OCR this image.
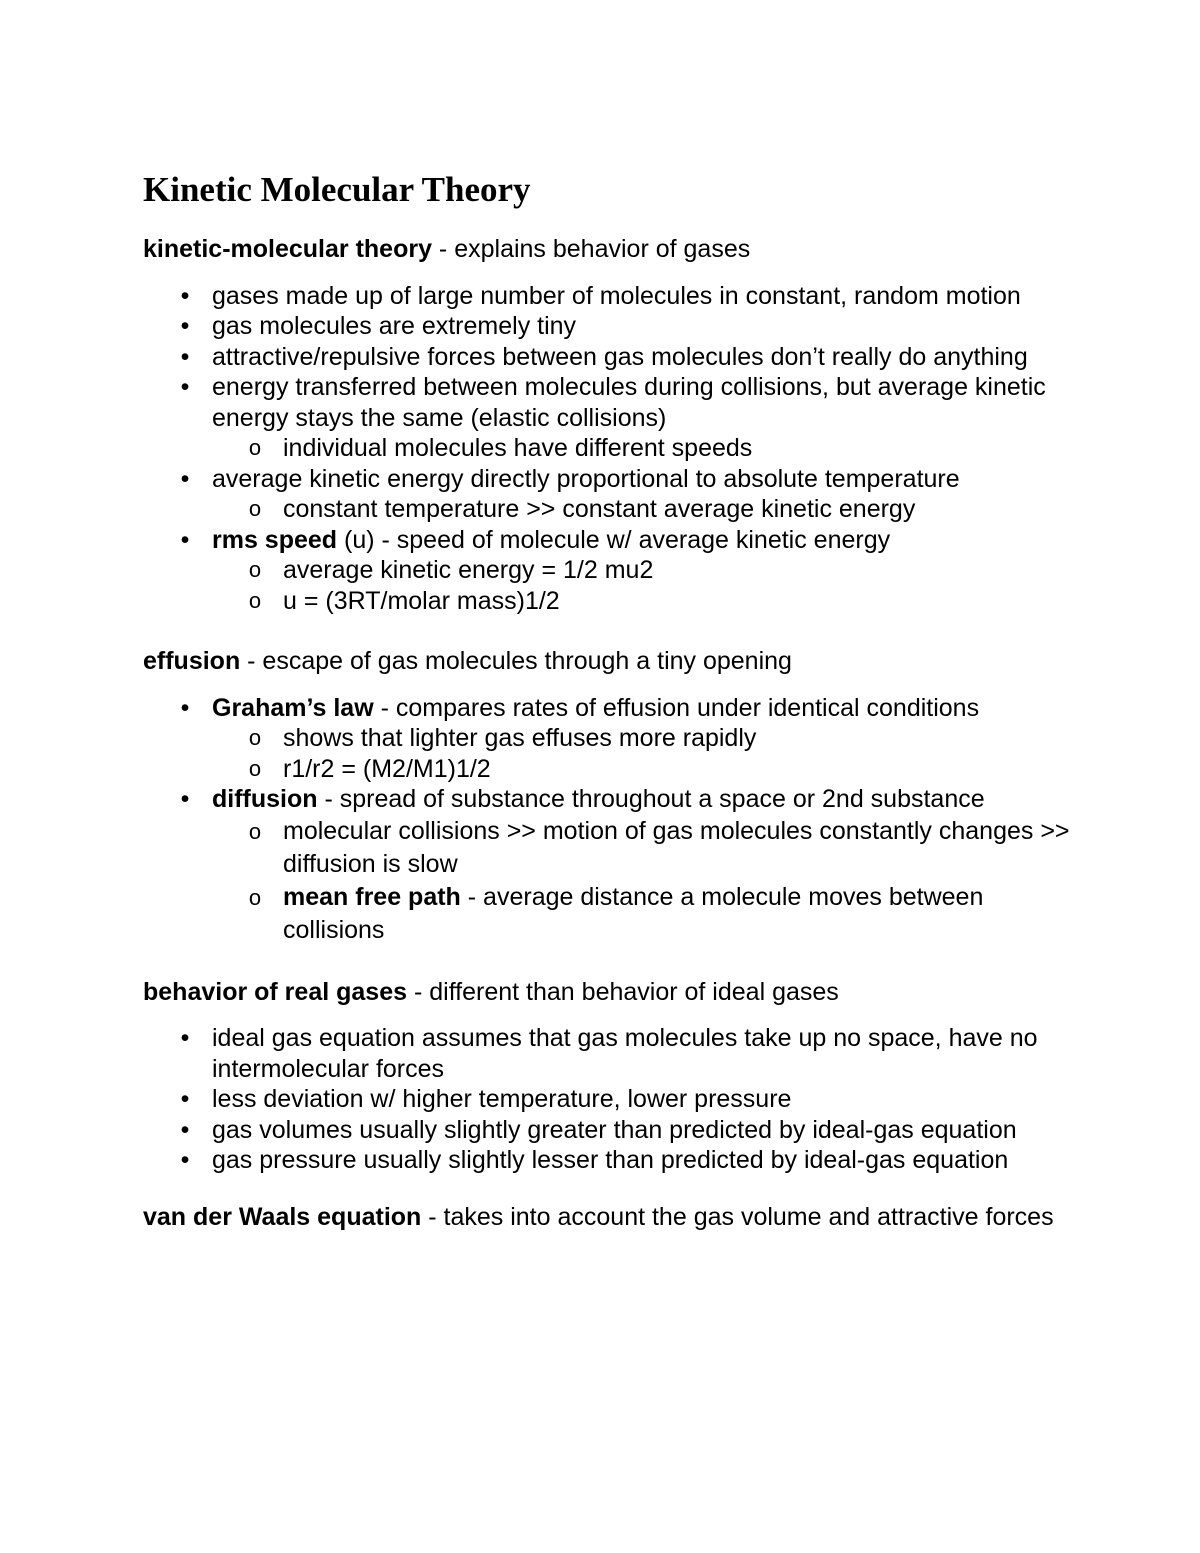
Kinetic Molecular Theory

kinetic-molecular theory - explains behavior of gases

• gases made up of large number of molecules in constant, random motion
• gas molecules are extremely tiny
• attractive/repulsive forces between gas molecules don’t really do anything
• energy transferred between molecules during collisions, but average kinetic energy stays the same (elastic collisions)
o individual molecules have different speeds
• average kinetic energy directly proportional to absolute temperature
o constant temperature >> constant average kinetic energy
• rms speed (u) - speed of molecule w/ average kinetic energy
o average kinetic energy = 1/2 mu2
o u = (3RT/molar mass)1/2

effusion - escape of gas molecules through a tiny opening

• Graham’s law - compares rates of effusion under identical conditions
o shows that lighter gas effuses more rapidly
o r1/r2 = (M2/M1)1/2
• diffusion - spread of substance throughout a space or 2nd substance
o molecular collisions >> motion of gas molecules constantly changes >> diffusion is slow
o mean free path - average distance a molecule moves between collisions

behavior of real gases - different than behavior of ideal gases

• ideal gas equation assumes that gas molecules take up no space, have no intermolecular forces
• less deviation w/ higher temperature, lower pressure
• gas volumes usually slightly greater than predicted by ideal-gas equation
• gas pressure usually slightly lesser than predicted by ideal-gas equation

van der Waals equation - takes into account the gas volume and attractive forces
